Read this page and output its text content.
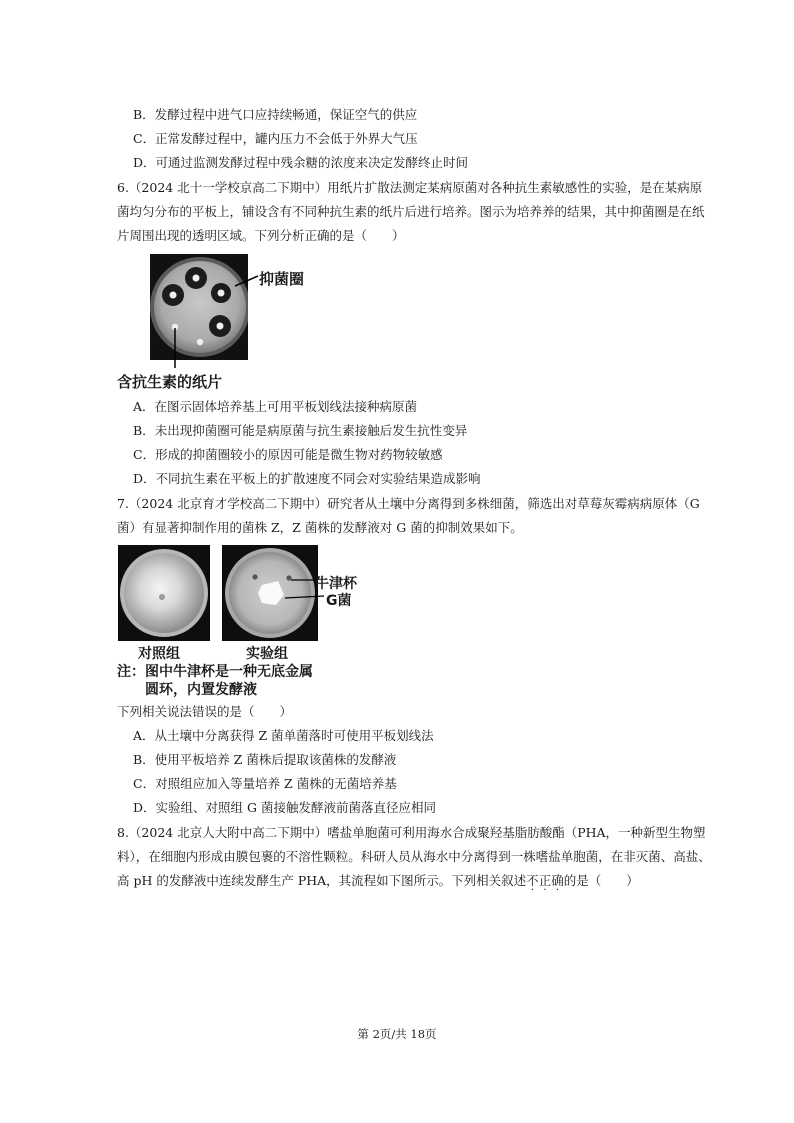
B．发酵过程中进气口应持续畅通，保证空气的供应
C．正常发酵过程中，罐内压力不会低于外界大气压
D．可通过监测发酵过程中残余糖的浓度来决定发酵终止时间
6.（2024 北十一学校京高二下期中）用纸片扩散法测定某病原菌对各种抗生素敏感性的实验，是在某病原
菌均匀分布的平板上，铺设含有不同种抗生素的纸片后进行培养。图示为培养养的结果，其中抑菌圈是在纸
片周围出现的透明区域。下列分析正确的是（　　）
抑菌圈
含抗生素的纸片
A．在图示固体培养基上可用平板划线法接种病原菌
B．未出现抑菌圈可能是病原菌与抗生素接触后发生抗性变异
C．形成的抑菌圈较小的原因可能是微生物对药物较敏感
D．不同抗生素在平板上的扩散速度不同会对实验结果造成影响
7.（2024 北京育才学校高二下期中）研究者从土壤中分离得到多株细菌，筛选出对草莓灰霉病病原体（G
菌）有显著抑制作用的菌株 Z，Z 菌株的发酵液对 G 菌的抑制效果如下。
牛津杯
G菌
对照组	实验组
注：图中牛津杯是一种无底金属
圆环，内置发酵液
下列相关说法错误的是（　　）
A．从土壤中分离获得 Z 菌单菌落时可使用平板划线法
B．使用平板培养 Z 菌株后提取该菌株的发酵液
C．对照组应加入等量培养 Z 菌株的无菌培养基
D．实验组、对照组 G 菌接触发酵液前菌落直径应相同
8.（2024 北京人大附中高二下期中）嗜盐单胞菌可利用海水合成聚羟基脂肪酸酯（PHA，一种新型生物塑
料），在细胞内形成由膜包裹的不溶性颗粒。科研人员从海水中分离得到一株嗜盐单胞菌，在非灭菌、高盐、
高 pH 的发酵液中连续发酵生产 PHA，其流程如下图所示。下列相关叙述不
·
正
·
确
·
的是（　　）
第 2页/共 18页
